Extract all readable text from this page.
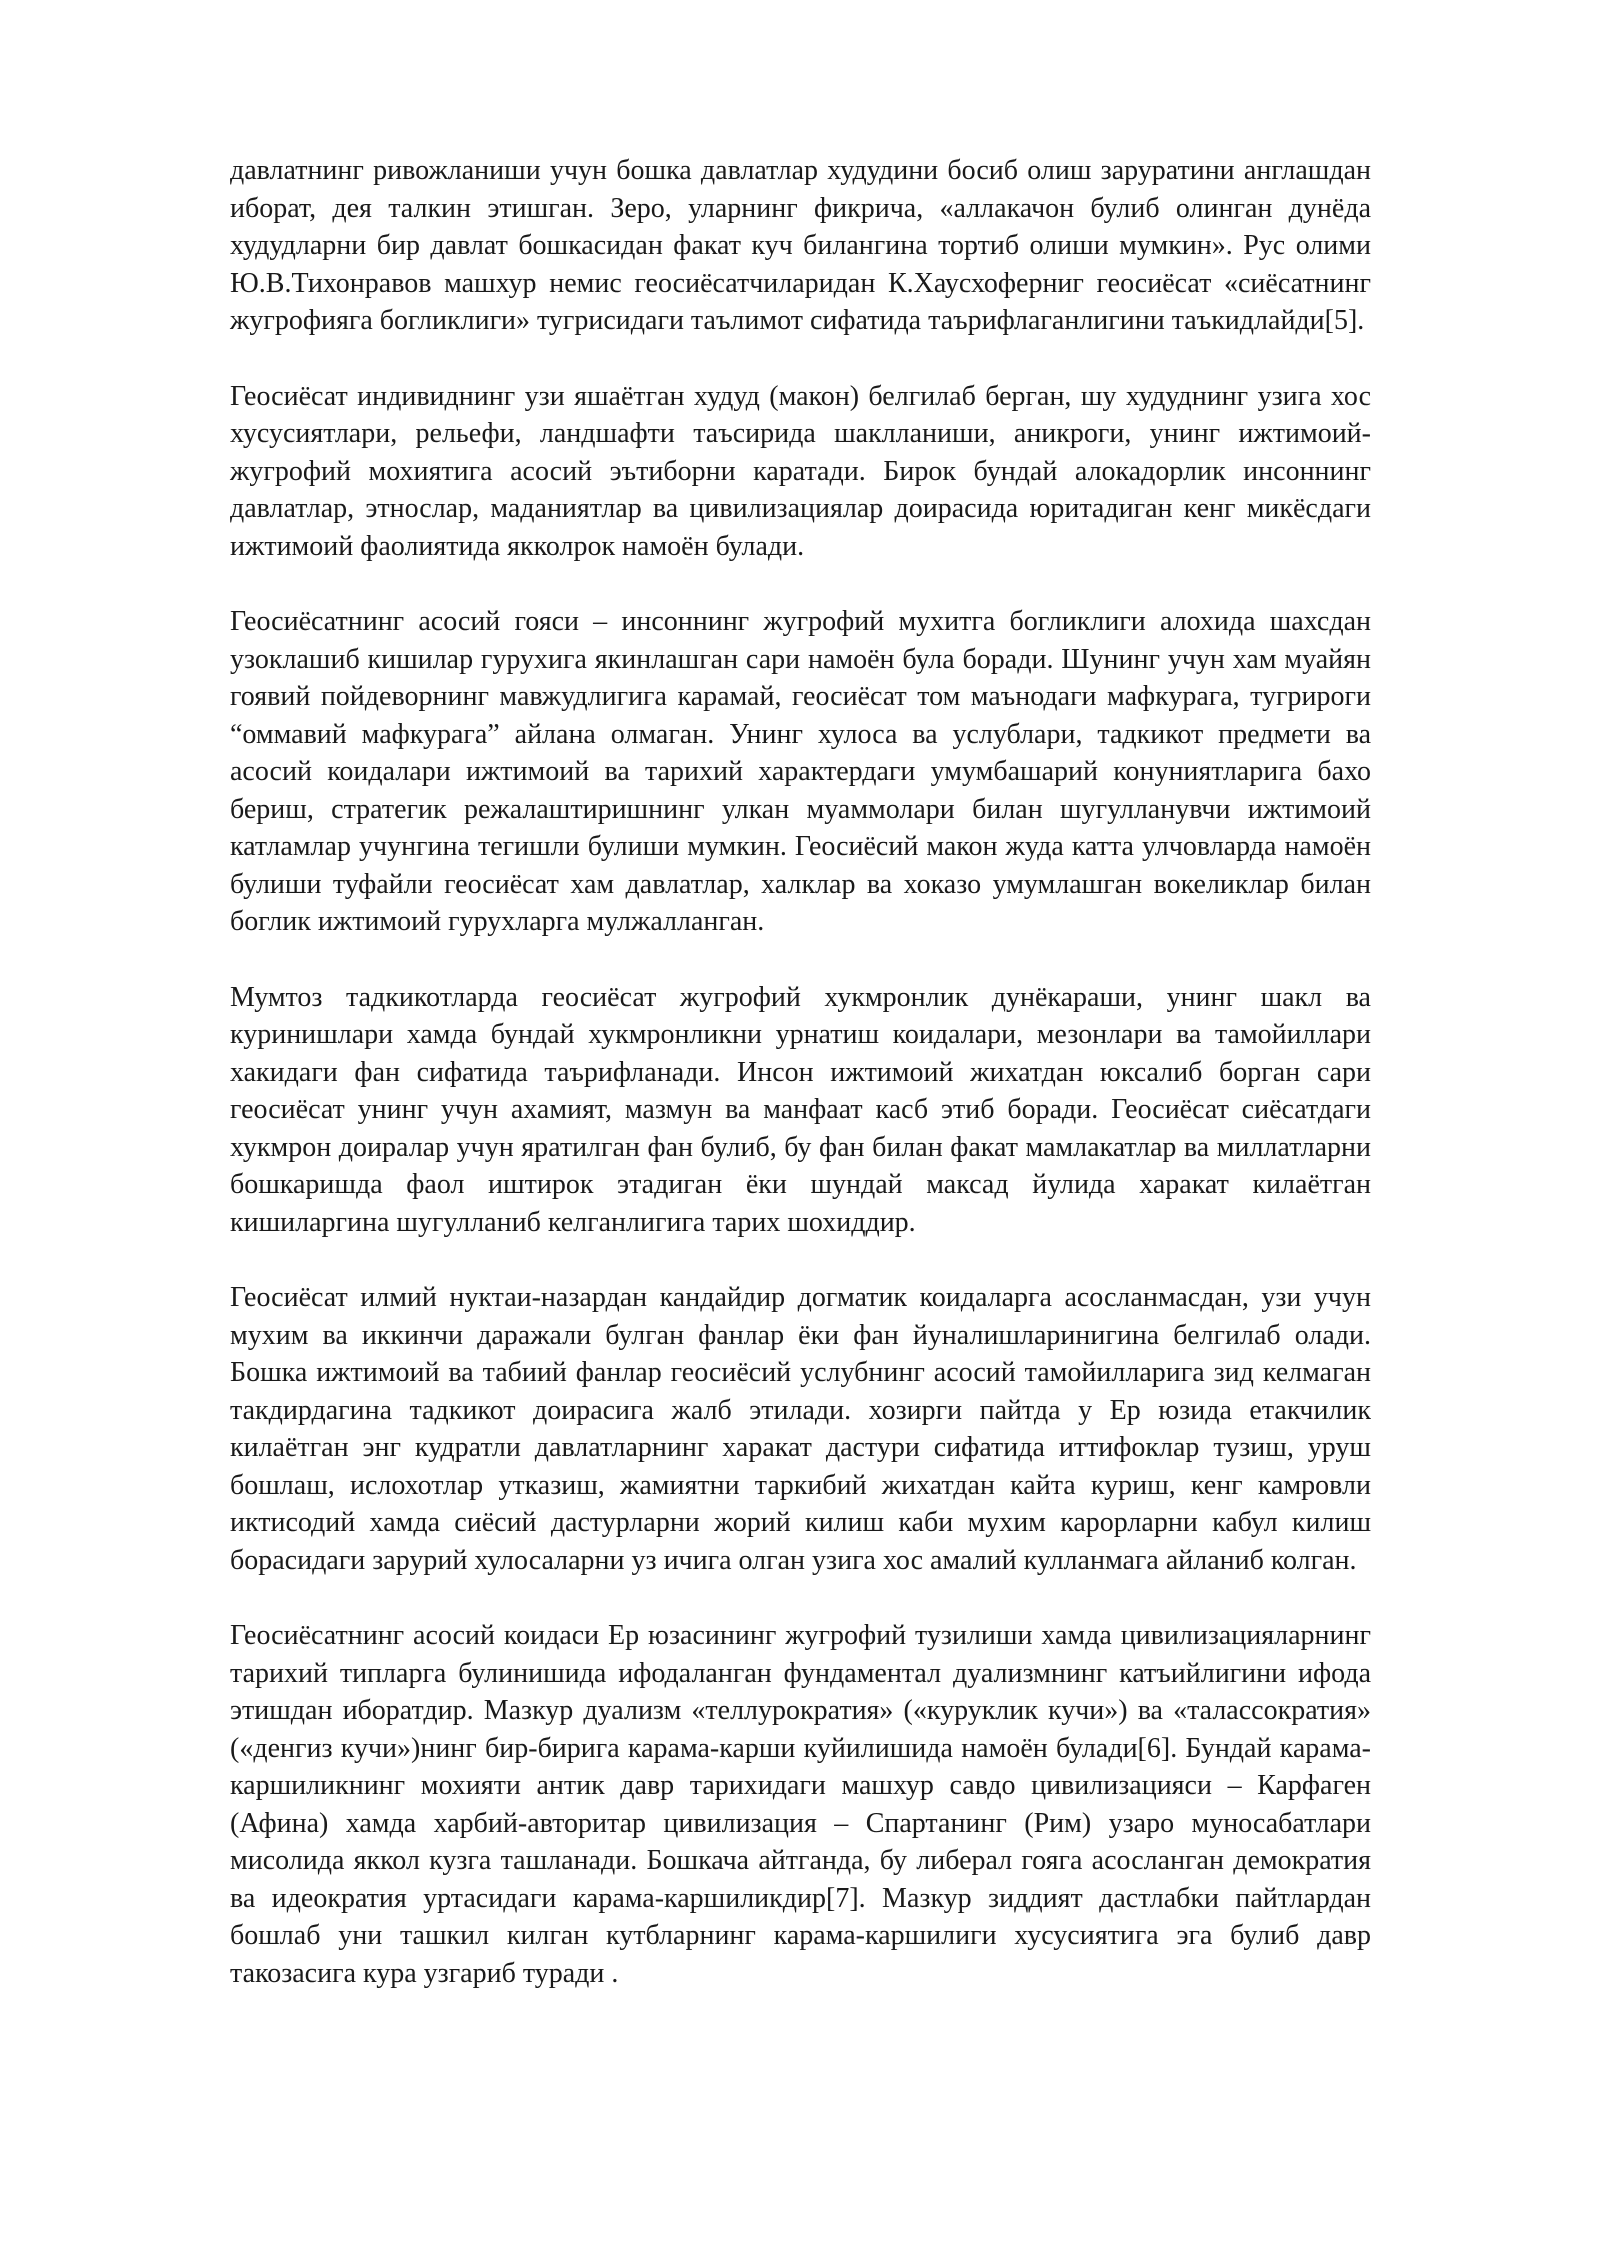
давлатнинг ривожланиши учун бошка давлатлар худудини босиб олиш заруратини англашдан иборат, дея талкин этишган. Зеро, уларнинг фикрича, «аллакачон булиб олинган дунёда худудларни бир давлат бошкасидан факат куч билангина тортиб олиши мумкин». Рус олими Ю.В.Тихонравов машхур немис геосиёсатчиларидан К.Хаусхоферниг геосиёсат «сиёсатнинг жугрофияга богликлиги» тугрисидаги таълимот сифатида таърифлаганлигини таъкидлайди[5].

Геосиёсат индивиднинг узи яшаётган худуд (макон) белгилаб берган, шу худуднинг узига хос хусусиятлари, рельефи, ландшафти таъсирида шаклланиши, аникроги, унинг ижтимоий-жугрофий мохиятига асосий эътиборни каратади. Бирок бундай алокадорлик инсоннинг давлатлар, этнослар, маданиятлар ва цивилизациялар доирасида юритадиган кенг микёсдаги ижтимоий фаолиятида якколрок намоён булади.

Геосиёсатнинг асосий гояси – инсоннинг жугрофий мухитга богликлиги алохида шахсдан узоклашиб кишилар гурухига якинлашган сари намоён була боради. Шунинг учун хам муайян гоявий пойдеворнинг мавжудлигига карамай, геосиёсат том маънодаги мафкурага, тугрироги “оммавий мафкурага” айлана олмаган. Унинг хулоса ва услублари, тадкикот предмети ва асосий коидалари ижтимоий ва тарихий характердаги умумбашарий конуниятларига бахо бериш, стратегик режалаштиришнинг улкан муаммолари билан шугулланувчи ижтимоий катламлар учунгина тегишли булиши мумкин. Геосиёсий макон жуда катта улчовларда намоён булиши туфайли геосиёсат хам давлатлар, халклар ва хоказо умумлашган вокеликлар билан боглик ижтимоий гурухларга мулжалланган.

Мумтоз тадкикотларда геосиёсат жугрофий хукмронлик дунёкараши, унинг шакл ва куринишлари хамда бундай хукмронликни урнатиш коидалари, мезонлари ва тамойиллари хакидаги фан сифатида таърифланади. Инсон ижтимоий жихатдан юксалиб борган сари геосиёсат унинг учун ахамият, мазмун ва манфаат касб этиб боради. Геосиёсат сиёсатдаги хукмрон доиралар учун яратилган фан булиб, бу фан билан факат мамлакатлар ва миллатларни бошкаришда фаол иштирок этадиган ёки шундай максад йулида харакат килаётган кишиларгина шугулланиб келганлигига тарих шохиддир.

Геосиёсат илмий нуктаи-назардан кандайдир догматик коидаларга асосланмасдан, узи учун мухим ва иккинчи даражали булган фанлар ёки фан йуналишларинигина белгилаб олади. Бошка ижтимоий ва табиий фанлар геосиёсий услубнинг асосий тамойилларига зид келмаган такдирдагина тадкикот доирасига жалб этилади. хозирги пайтда у Ер юзида етакчилик килаётган энг кудратли давлатларнинг харакат дастури сифатида иттифоклар тузиш, уруш бошлаш, ислохотлар утказиш, жамиятни таркибий жихатдан кайта куриш, кенг камровли иктисодий хамда сиёсий дастурларни жорий килиш каби мухим карорларни кабул килиш борасидаги зарурий хулосаларни уз ичига олган узига хос амалий кулланмага айланиб колган.

Геосиёсатнинг асосий коидаси Ер юзасининг жугрофий тузилиши хамда цивилизацияларнинг тарихий типларга булинишида ифодаланган фундаментал дуализмнинг катъийлигини ифода этишдан иборатдир. Мазкур дуализм «теллурократия» («куруклик кучи») ва «талассократия» («денгиз кучи»)нинг бир-бирига карама-карши куйилишида намоён булади[6]. Бундай карама-каршиликнинг мохияти антик давр тарихидаги машхур савдо цивилизацияси – Карфаген (Афина) хамда харбий-авторитар цивилизация – Спартанинг (Рим) узаро муносабатлари мисолида яккол кузга ташланади. Бошкача айтганда, бу либерал гояга асосланган демократия ва идеократия уртасидаги карама-каршиликдир[7]. Мазкур зиддият дастлабки пайтлардан бошлаб уни ташкил килган кутбларнинг карама-каршилиги хусусиятига эга булиб давр такозасига кура узгариб туради .
